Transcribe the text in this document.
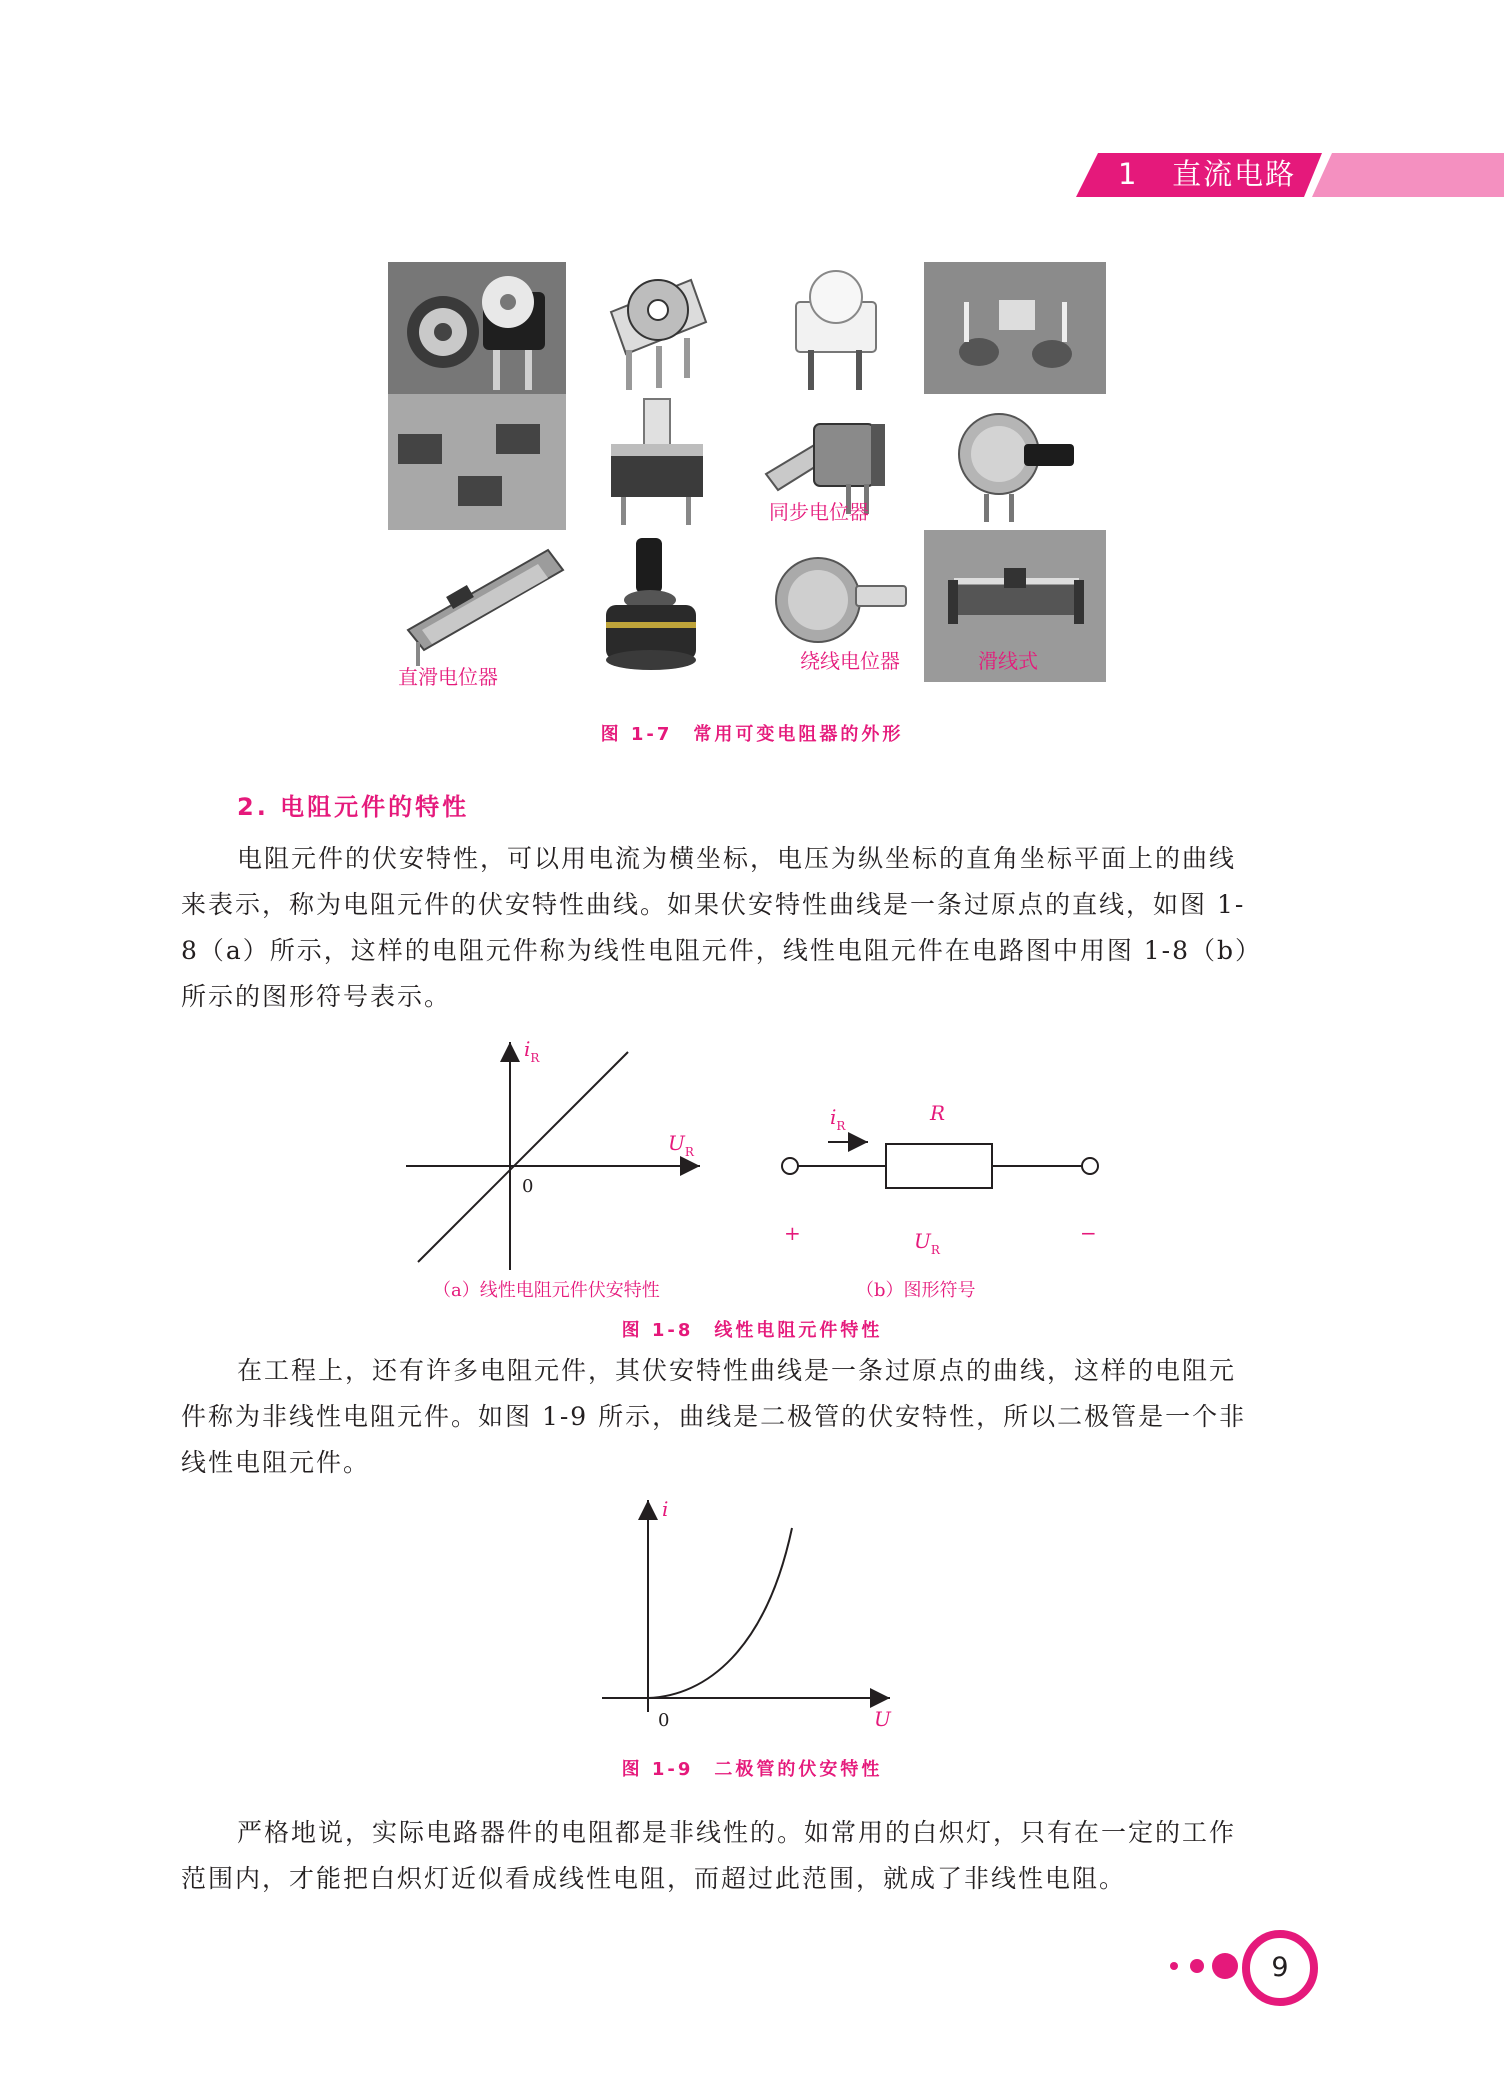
1 直流电路
同步电位器
直滑电位器
绕线电位器	滑线式
图 1-7　常用可变电阻器的外形
2. 电阻元件的特性
电阻元件的伏安特性，可以用电流为横坐标，电压为纵坐标的直角坐标平面上的曲线
来表示，称为电阻元件的伏安特性曲线。如果伏安特性曲线是一条过原点的直线，如图 1-
8（a）所示，这样的电阻元件称为线性电阻元件，线性电阻元件在电路图中用图 1-8（b）
所示的图形符号表示。
$i_R$
$U_R$
0
$i_R$
R
+	−
$U_R$
（a）线性电阻元件伏安特性	（b）图形符号
图 1-8　线性电阻元件特性
在工程上，还有许多电阻元件，其伏安特性曲线是一条过原点的曲线，这样的电阻元
件称为非线性电阻元件。如图 1-9 所示，曲线是二极管的伏安特性，所以二极管是一个非
线性电阻元件。
i
U
0
图 1-9　二极管的伏安特性
严格地说，实际电路器件的电阻都是非线性的。如常用的白炽灯，只有在一定的工作
范围内，才能把白炽灯近似看成线性电阻，而超过此范围，就成了非线性电阻。
9
